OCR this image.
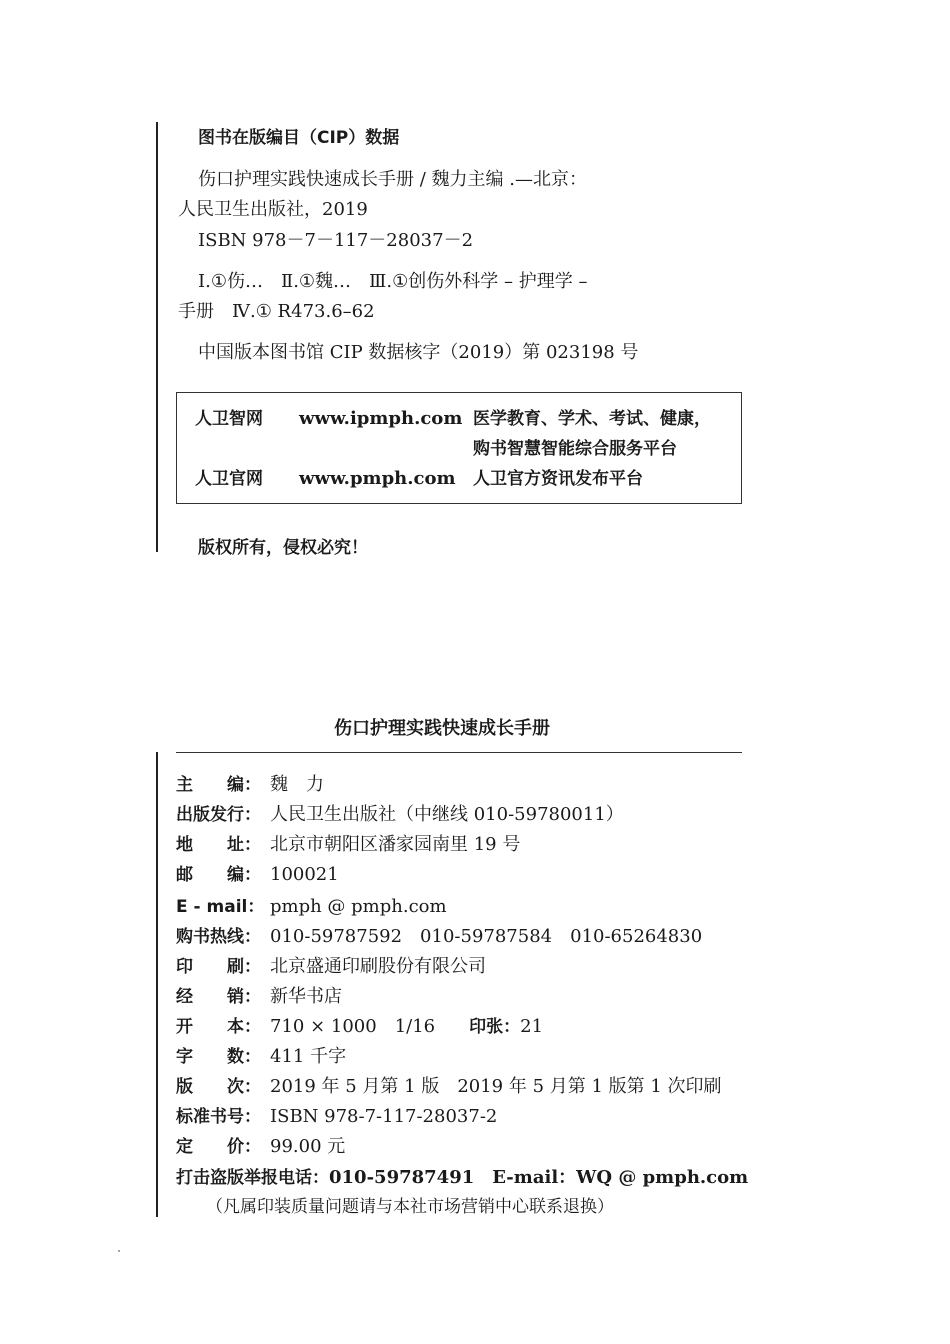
图书在版编目（CIP）数据
伤口护理实践快速成长手册 / 魏力主编 .—北京：
人民卫生出版社，2019
ISBN 978－7－117－28037－2
Ⅰ.①伤…　Ⅱ.①魏…　Ⅲ.①创伤外科学 – 护理学 –
手册　Ⅳ.① R473.6–62
中国版本图书馆 CIP 数据核字（2019）第 023198 号
人卫智网 www.ipmph.com 医学教育、学术、考试、健康，
购书智慧智能综合服务平台
人卫官网 www.pmph.com 人卫官方资讯发布平台
版权所有，侵权必究！
伤口护理实践快速成长手册
主　　编： 魏　力
出版发行： 人民卫生出版社（中继线 010-59780011）
地　　址： 北京市朝阳区潘家园南里 19 号
邮　　编： 100021
E - mail： pmph @ pmph.com
购书热线： 010-59787592　010-59787584　010-65264830
印　　刷： 北京盛通印刷股份有限公司
经　　销： 新华书店
开　　本： 710 × 1000　1/16　印张：21
字　　数： 411 千字
版　　次： 2019 年 5 月第 1 版　2019 年 5 月第 1 版第 1 次印刷
标准书号： ISBN 978-7-117-28037-2
定　　价： 99.00 元
打击盗版举报电话：010-59787491 E-mail：WQ @ pmph.com
（凡属印装质量问题请与本社市场营销中心联系退换）
